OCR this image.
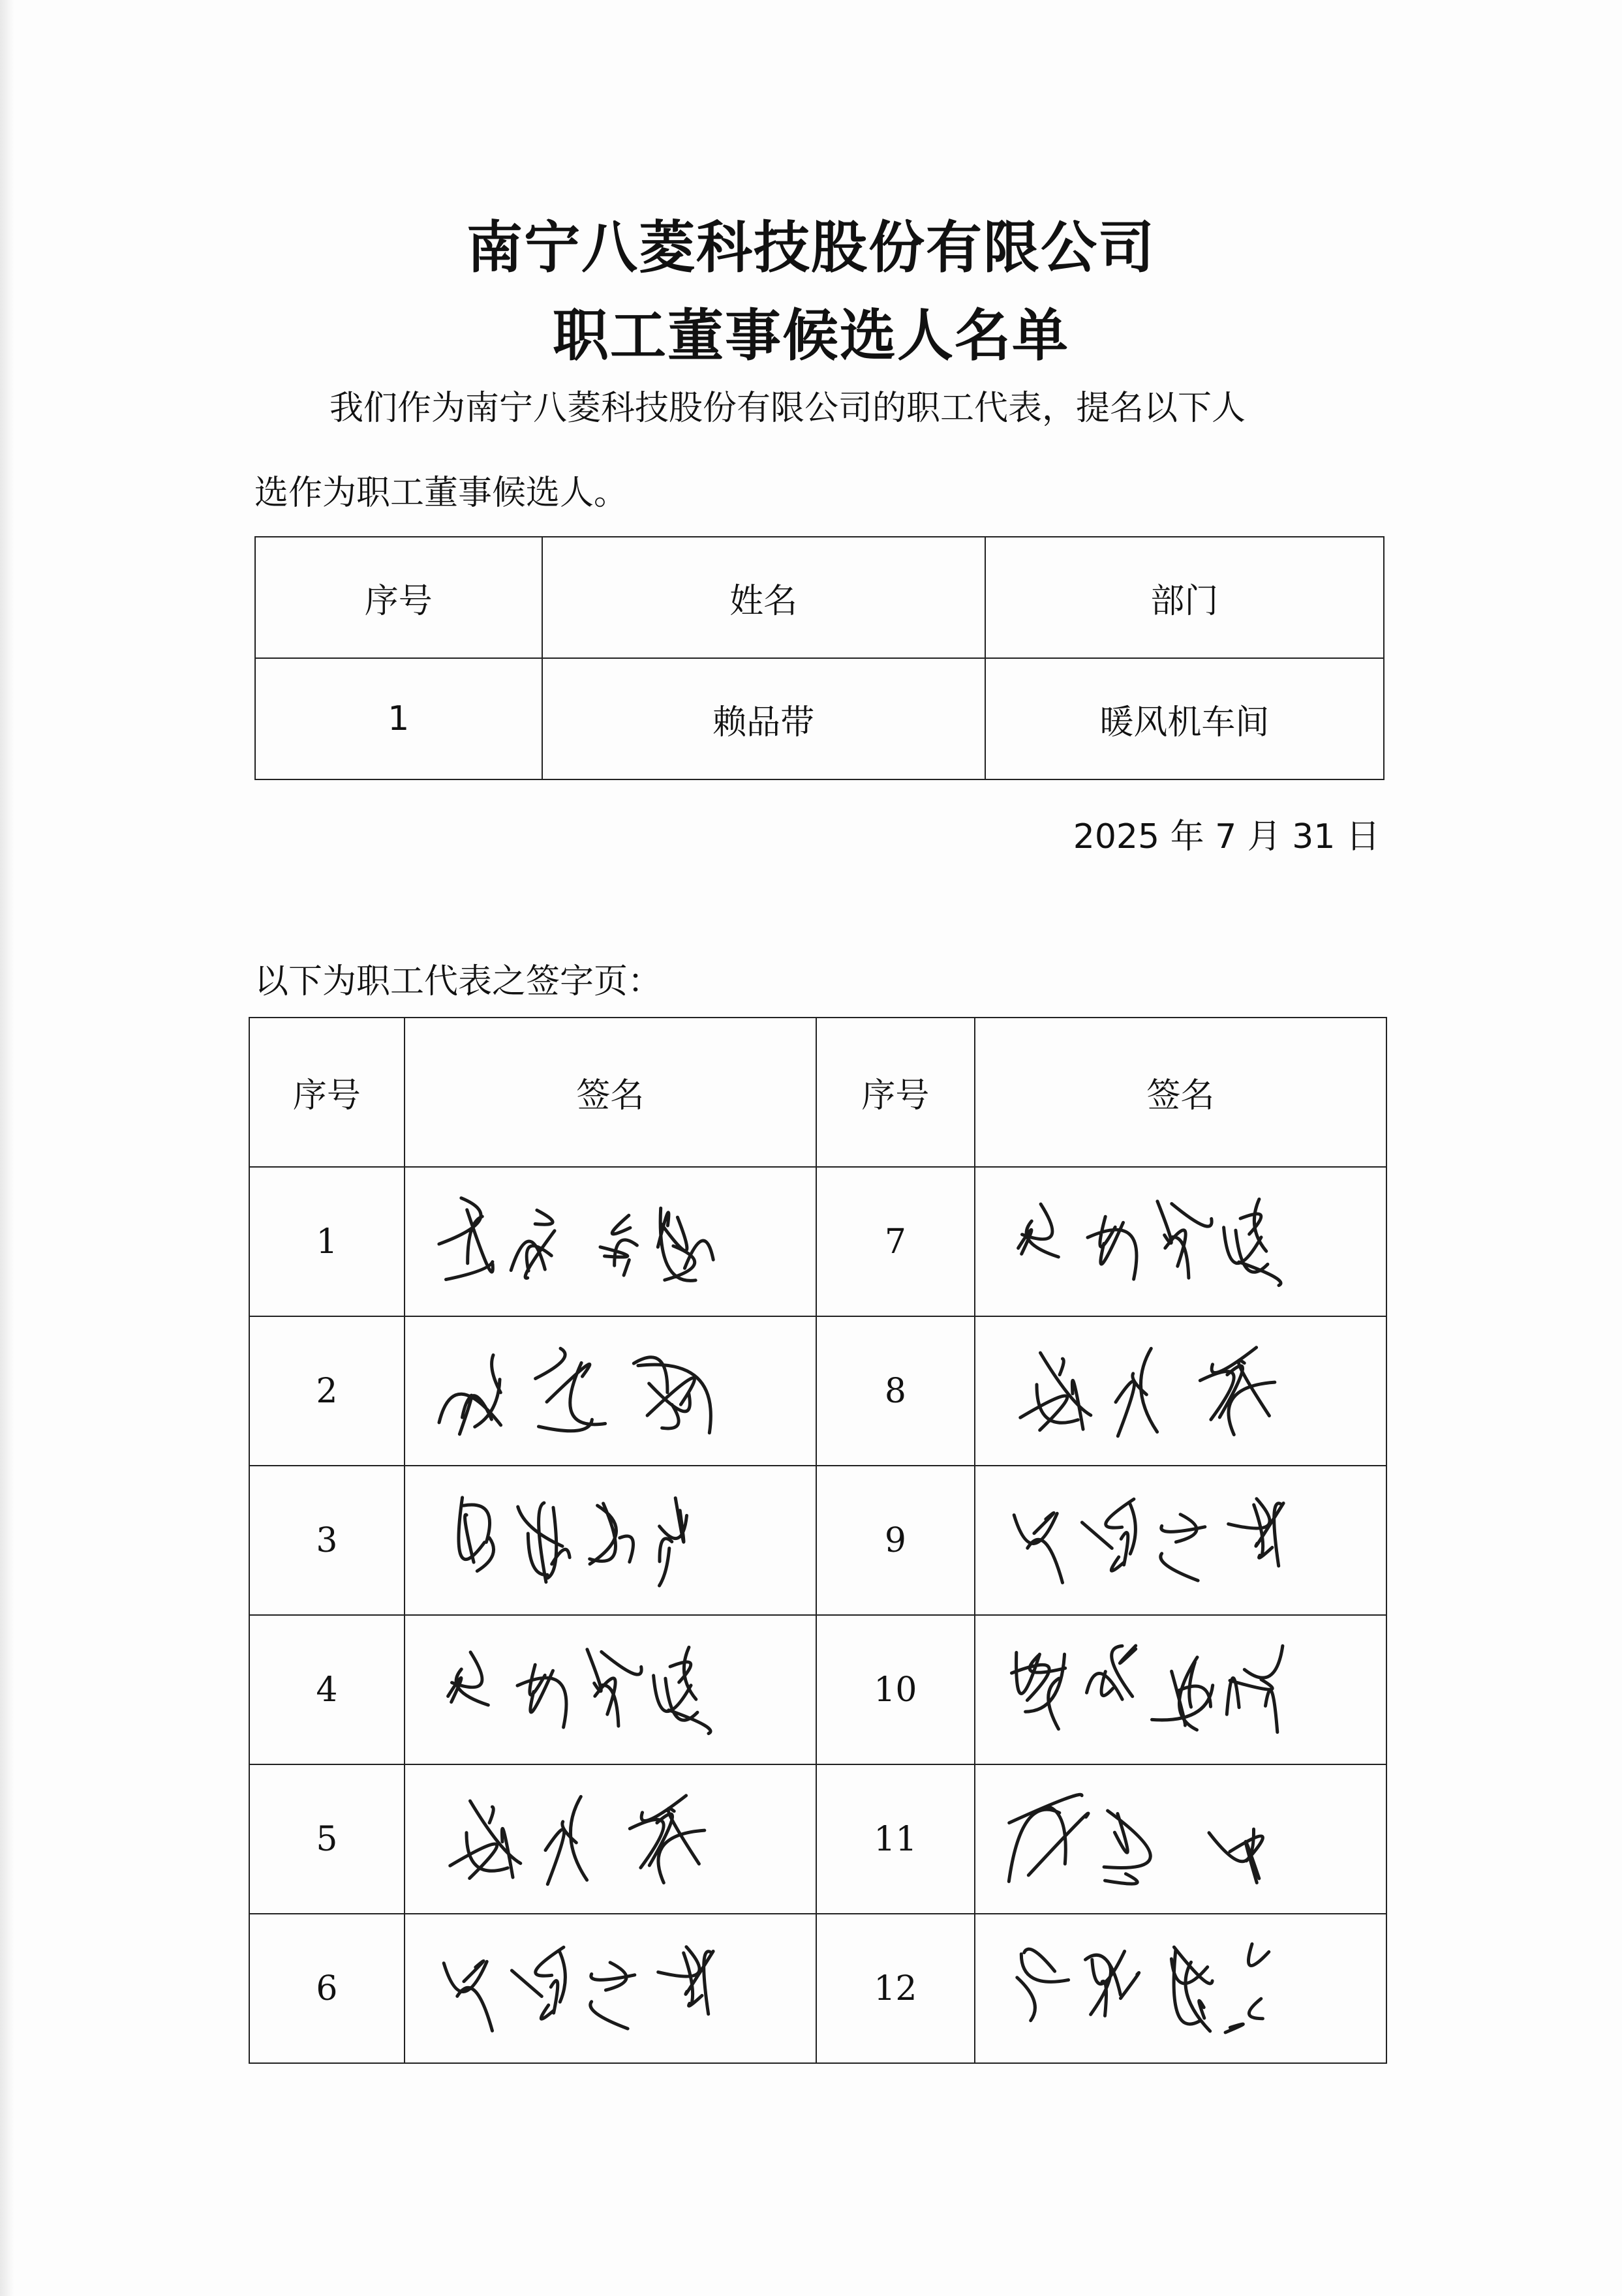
南宁八菱科技股份有限公司
职工董事候选人名单
我们作为南宁八菱科技股份有限公司的职工代表，提名以下人
选作为职工董事候选人。
序号	姓名	部门
1	赖品带	暖风机车间
2025 年 7 月 31 日
以下为职工代表之签字页：
序号	签名	序号	签名
1		7	

2		8	

3		9	

4		10	

5		11	

6		12	
